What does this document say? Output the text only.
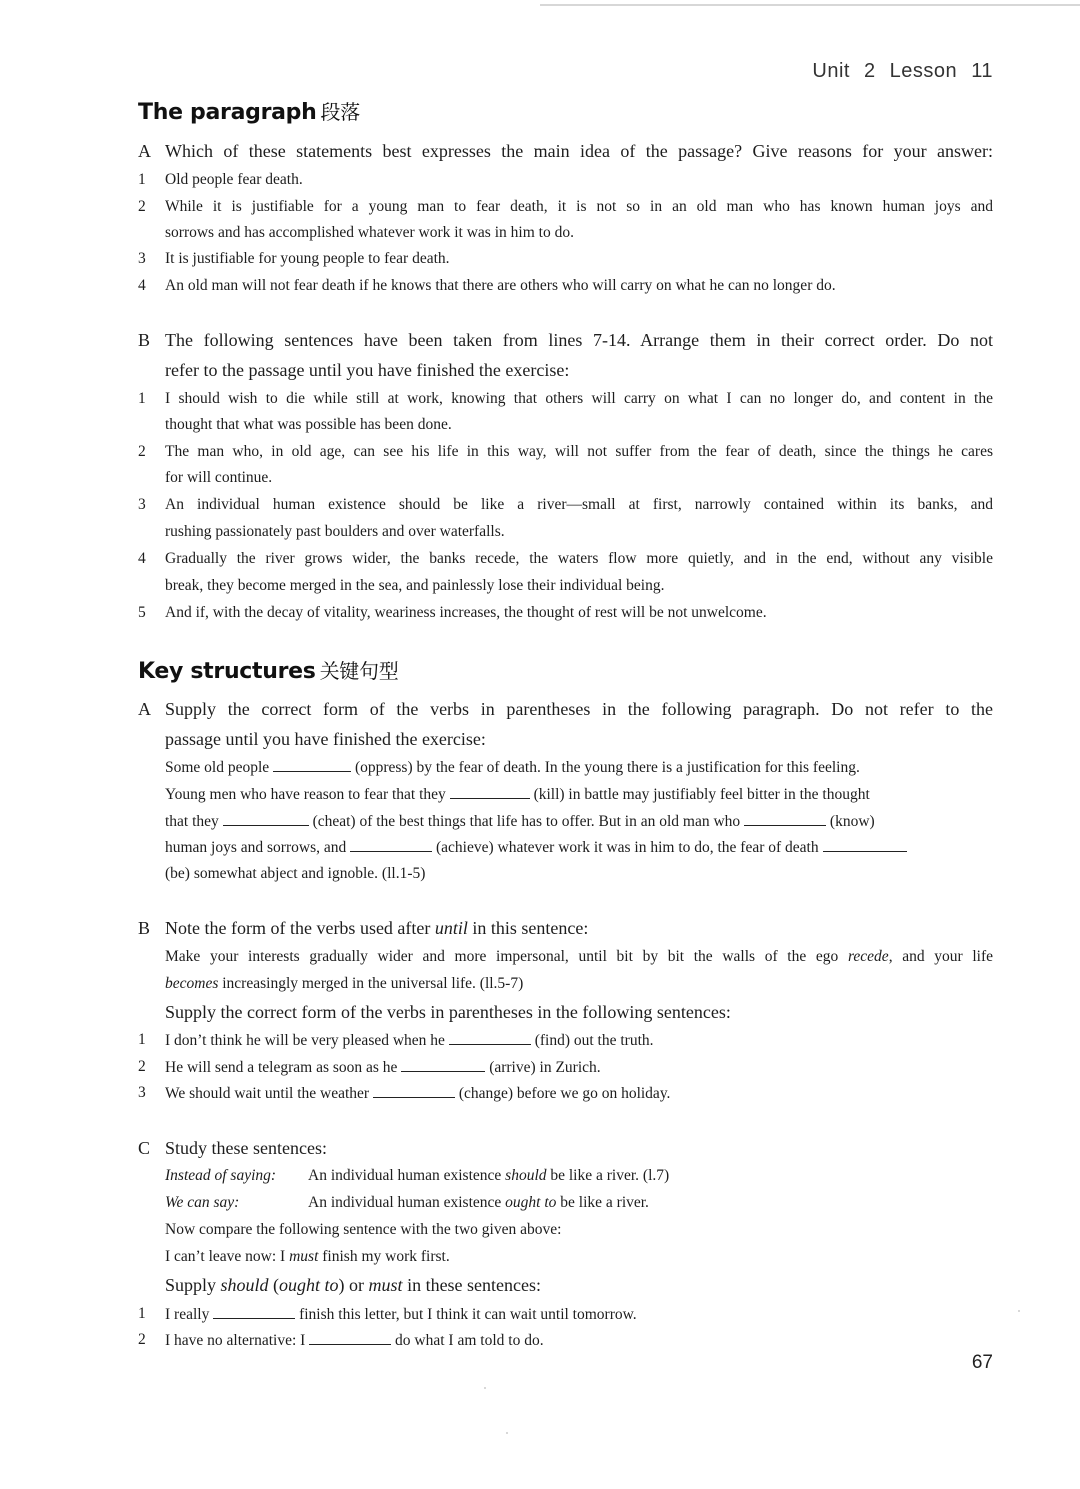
Unit 2 Lesson 11
The paragraph 段落
A Which of these statements best expresses the main idea of the passage? Give reasons for your answer:
1 Old people fear death.
2 While it is justifiable for a young man to fear death, it is not so in an old man who has known human joys and
sorrows and has accomplished whatever work it was in him to do.
3 It is justifiable for young people to fear death.
4 An old man will not fear death if he knows that there are others who will carry on what he can no longer do.
B The following sentences have been taken from lines 7-14. Arrange them in their correct order. Do not
refer to the passage until you have finished the exercise:
1 I should wish to die while still at work, knowing that others will carry on what I can no longer do, and content in the
thought that what was possible has been done.
2 The man who, in old age, can see his life in this way, will not suffer from the fear of death, since the things he cares
for will continue.
3 An individual human existence should be like a river—small at first, narrowly contained within its banks, and
rushing passionately past boulders and over waterfalls.
4 Gradually the river grows wider, the banks recede, the waters flow more quietly, and in the end, without any visible
break, they become merged in the sea, and painlessly lose their individual being.
5 And if, with the decay of vitality, weariness increases, the thought of rest will be not unwelcome.
Key structures 关键句型
A Supply the correct form of the verbs in parentheses in the following paragraph. Do not refer to the
passage until you have finished the exercise:
Some old people	(oppress) by the fear of death. In the young there is a justification for this feeling.
Young men who have reason to fear that they	(kill) in battle may justifiably feel bitter in the thought
that they	(cheat) of the best things that life has to offer. But in an old man who	(know)
human joys and sorrows, and	(achieve) whatever work it was in him to do, the fear of death
(be) somewhat abject and ignoble. (ll.1-5)
B Note the form of the verbs used after until in this sentence:
Make your interests gradually wider and more impersonal, until bit by bit the walls of the ego recede, and your life
becomes increasingly merged in the universal life. (ll.5-7)
Supply the correct form of the verbs in parentheses in the following sentences:
1 I don’t think he will be very pleased when he	(find) out the truth.
2 He will send a telegram as soon as he	(arrive) in Zurich.
3 We should wait until the weather	(change) before we go on holiday.
C Study these sentences:
Instead of saying: An individual human existence should be like a river. (l.7)
We can say:	An individual human existence ought to be like a river.
Now compare the following sentence with the two given above:
I can’t leave now: I must finish my work first.
Supply should (ought to) or must in these sentences:
1 I really	finish this letter, but I think it can wait until tomorrow.
2 I have no alternative: I	do what I am told to do.
67
